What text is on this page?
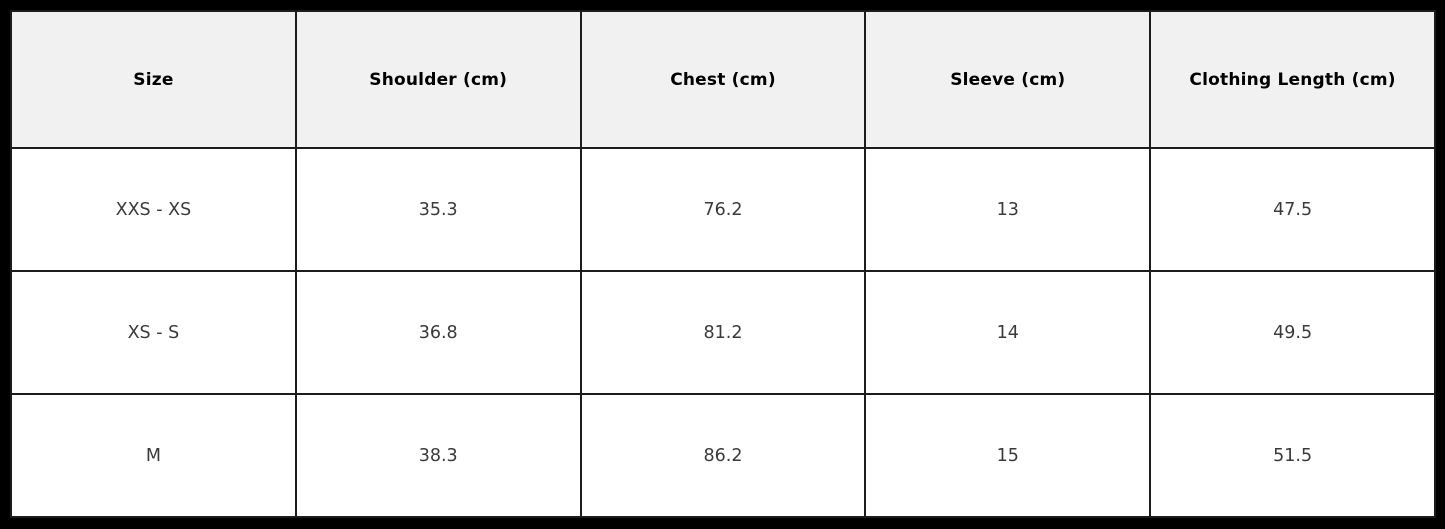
Size	Shoulder (cm)	Chest (cm)	Sleeve (cm)	Clothing Length (cm)
XXS - XS	35.3	76.2	13	47.5
XS - S	36.8	81.2	14	49.5
M	38.3	86.2	15	51.5
